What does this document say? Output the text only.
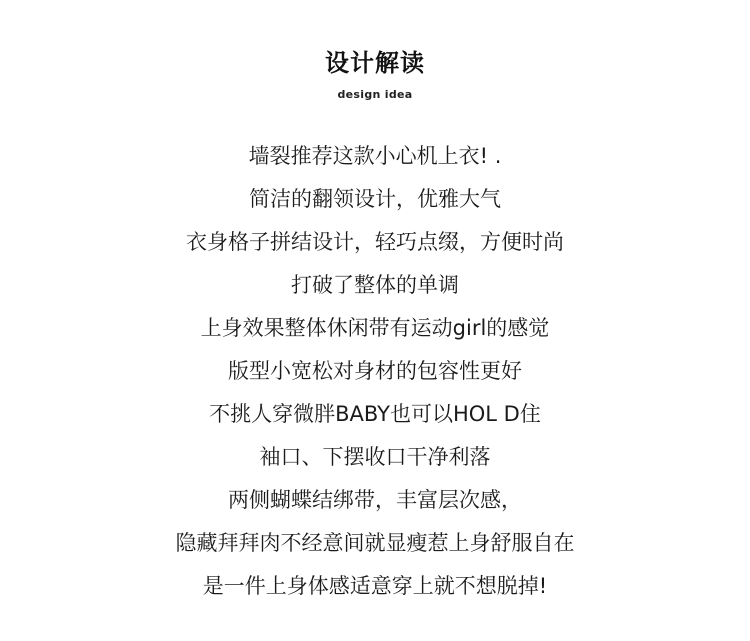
设计解读
design idea
墙裂推荐这款小心机上衣! .
简洁的翻领设计，优雅大气
衣身格子拼结设计，轻巧点缀，方便时尚
打破了整体的单调
上身效果整体休闲带有运动girl的感觉
版型小宽松对身材的包容性更好
不挑人穿微胖BABY也可以HOL D住
袖口、下摆收口干净利落
两侧蝴蝶结绑带，丰富层次感，
隐藏拜拜肉不经意间就显瘦惹上身舒服自在
是一件上身体感适意穿上就不想脱掉!
